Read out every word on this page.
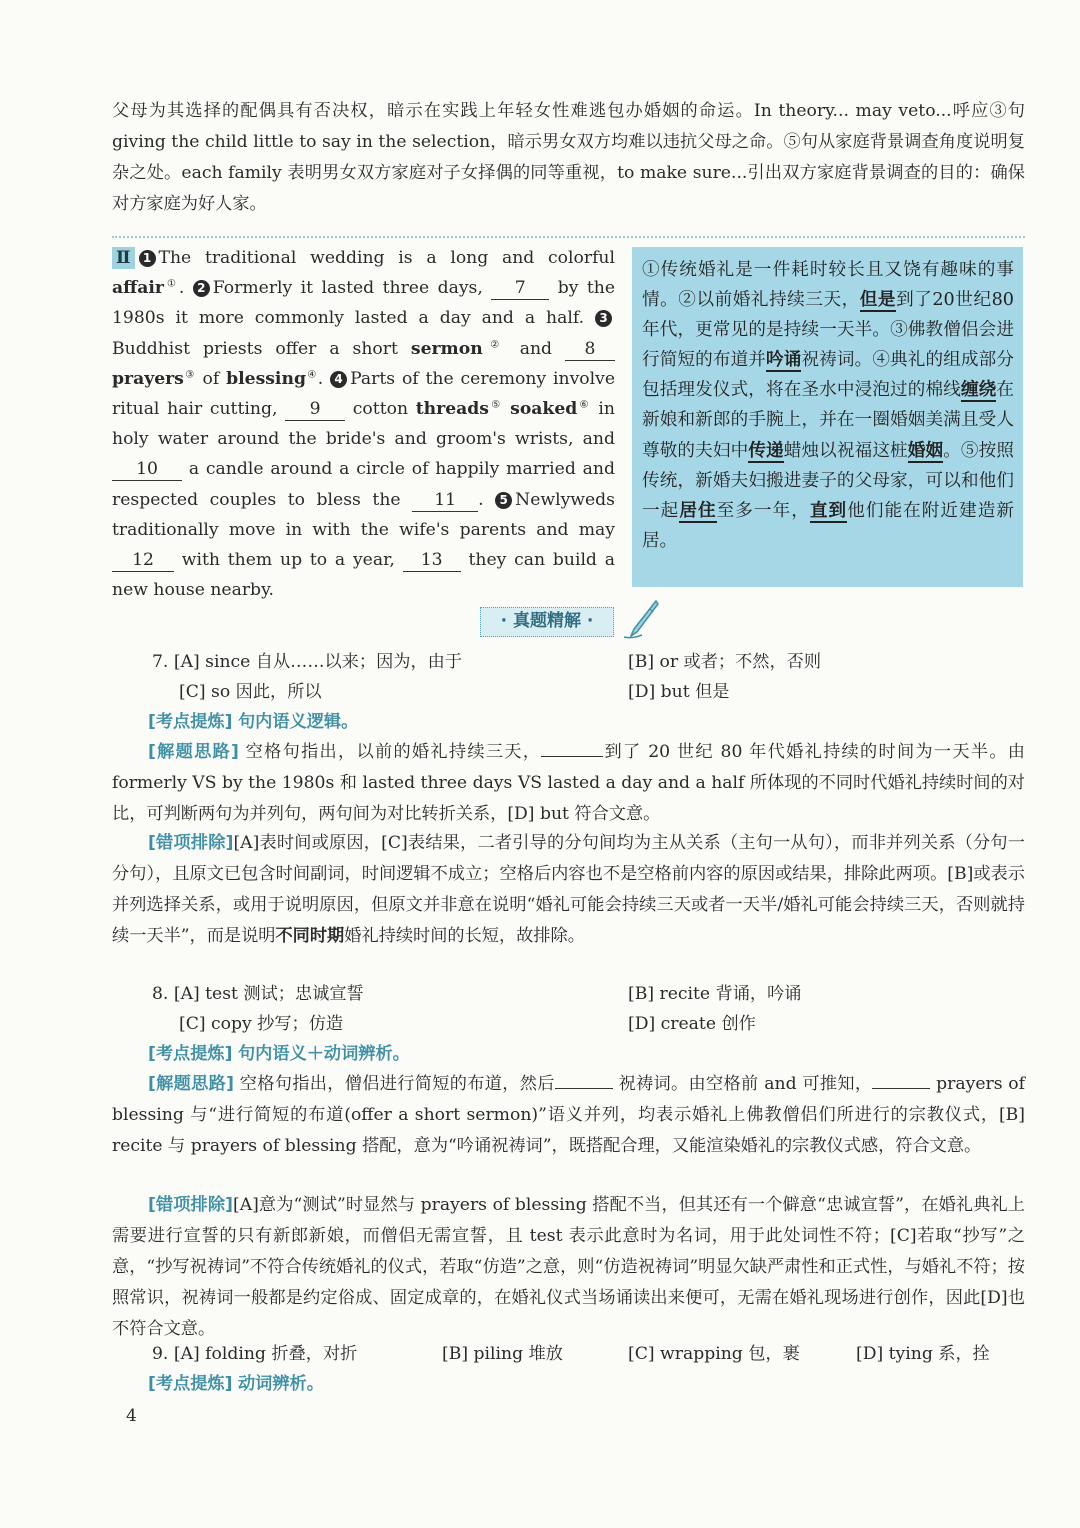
父母为其选择的配偶具有否决权，暗示在实践上年轻女性难逃包办婚姻的命运。In theory... may veto...呼应③句 giving the child little to say in the selection，暗示男女双方均难以违抗父母之命。⑤句从家庭背景调查角度说明复杂之处。each family 表明男女双方家庭对子女择偶的同等重视，to make sure...引出双方家庭背景调查的目的：确保对方家庭为好人家。

Ⅱ 1 The traditional wedding is a long and colorful affair①. 2 Formerly it lasted three days, 7 by the 1980s it more commonly lasted a day and a half. 3Buddhist priests offer a short sermon② and 8 prayers③ of blessing④. 4 Parts of the ceremony involve ritual hair cutting, 9 cotton threads⑤ soaked⑥ in holy water around the bride's and groom's wrists, and 10 a candle around a circle of happily married and respected couples to bless the 11 . 5 Newlyweds traditionally move in with the wife's parents and may 12 with them up to a year, 13 they can build a new house nearby.
①传统婚礼是一件耗时较长且又饶有趣味的事情。②以前婚礼持续三天，但是到了20世纪80年代，更常见的是持续一天半。③佛教僧侣会进行简短的布道并吟诵祝祷词。④典礼的组成部分包括理发仪式，将在圣水中浸泡过的棉线缠绕在新娘和新郎的手腕上，并在一圈婚姻美满且受人尊敬的夫妇中传递蜡烛以祝福这桩婚姻。⑤按照传统，新婚夫妇搬进妻子的父母家，可以和他们一起居住至多一年，直到他们能在附近建造新居。
· 真题精解 ·

7. [A] since 自从……以来；因为，由于	[B] or 或者；不然，否则

[C] so 因此，所以	[D] but 但是

[考点提炼] 句内语义逻辑。

[解题思路] 空格句指出，以前的婚礼持续三天，	到了 20 世纪 80 年代婚礼持续的时间为一天半。由 formerly VS by the 1980s 和 lasted three days VS lasted a day and a half 所体现的不同时代婚礼持续时间的对比，可判断两句为并列句，两句间为对比转折关系，[D] but 符合文意。

[错项排除][A]表时间或原因，[C]表结果，二者引导的分句间均为主从关系（主句一从句），而非并列关系（分句一分句），且原文已包含时间副词，时间逻辑不成立；空格后内容也不是空格前内容的原因或结果，排除此两项。[B]或表示并列选择关系，或用于说明原因，但原文并非意在说明“婚礼可能会持续三天或者一天半/婚礼可能会持续三天，否则就持续一天半”，而是说明不同时期婚礼持续时间的长短，故排除。

8. [A] test 测试；忠诚宣誓	[B] recite 背诵，吟诵

[C] copy 抄写；仿造	[D] create 创作

[考点提炼] 句内语义＋动词辨析。

[解题思路] 空格句指出，僧侣进行简短的布道，然后	祝祷词。由空格前 and 可推知，	prayers of blessing 与“进行简短的布道(offer a short sermon)”语义并列，均表示婚礼上佛教僧侣们所进行的宗教仪式，[B] recite 与 prayers of blessing 搭配，意为“吟诵祝祷词”，既搭配合理，又能渲染婚礼的宗教仪式感，符合文意。

[错项排除][A]意为“测试”时显然与 prayers of blessing 搭配不当，但其还有一个僻意“忠诚宣誓”，在婚礼典礼上需要进行宣誓的只有新郎新娘，而僧侣无需宣誓，且 test 表示此意时为名词，用于此处词性不符；[C]若取“抄写”之意，“抄写祝祷词”不符合传统婚礼的仪式，若取“仿造”之意，则“仿造祝祷词”明显欠缺严肃性和正式性，与婚礼不符；按照常识，祝祷词一般都是约定俗成、固定成章的，在婚礼仪式当场诵读出来便可，无需在婚礼现场进行创作，因此[D]也不符合文意。

9. [A] folding 折叠，对折	[B] piling 堆放	[C] wrapping 包，裹	[D] tying 系，拴

[考点提炼] 动词辨析。

4
